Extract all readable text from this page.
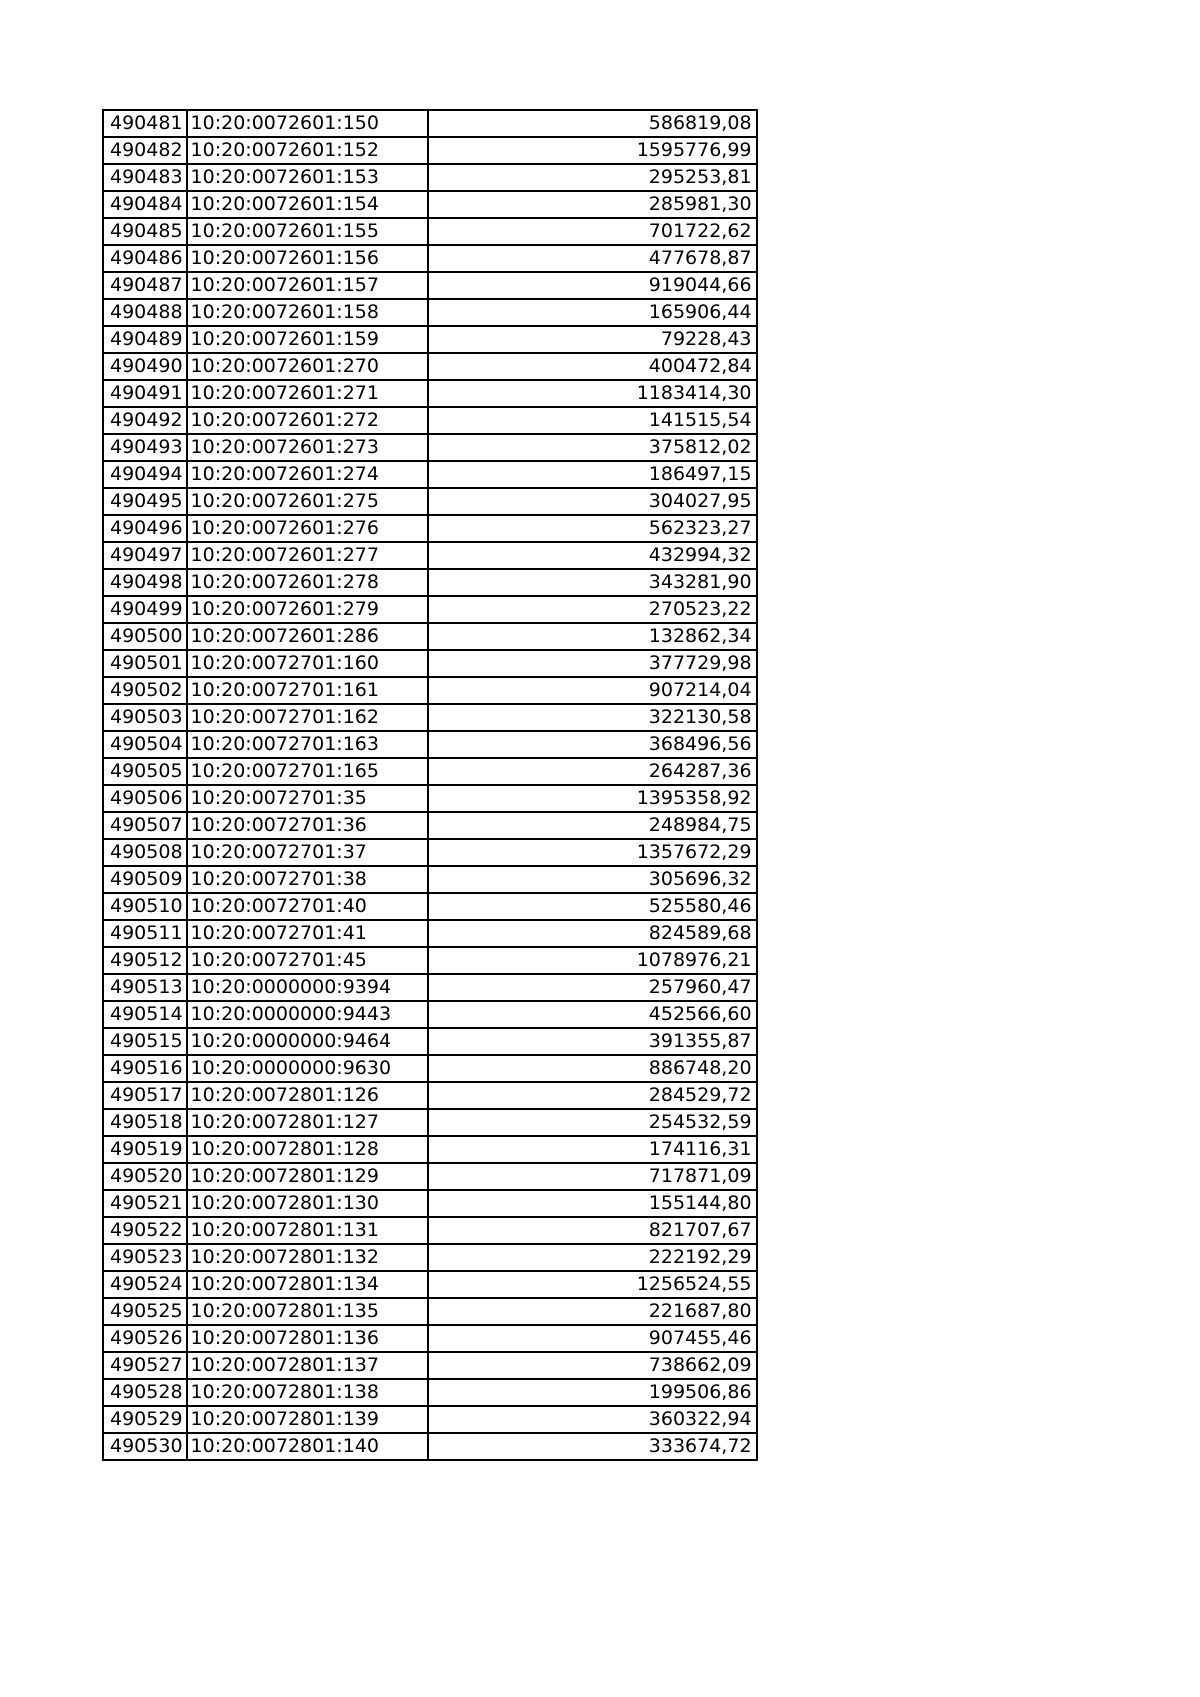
490481	10:20:0072601:150	586819,08
490482	10:20:0072601:152	1595776,99
490483	10:20:0072601:153	295253,81
490484	10:20:0072601:154	285981,30
490485	10:20:0072601:155	701722,62
490486	10:20:0072601:156	477678,87
490487	10:20:0072601:157	919044,66
490488	10:20:0072601:158	165906,44
490489	10:20:0072601:159	79228,43
490490	10:20:0072601:270	400472,84
490491	10:20:0072601:271	1183414,30
490492	10:20:0072601:272	141515,54
490493	10:20:0072601:273	375812,02
490494	10:20:0072601:274	186497,15
490495	10:20:0072601:275	304027,95
490496	10:20:0072601:276	562323,27
490497	10:20:0072601:277	432994,32
490498	10:20:0072601:278	343281,90
490499	10:20:0072601:279	270523,22
490500	10:20:0072601:286	132862,34
490501	10:20:0072701:160	377729,98
490502	10:20:0072701:161	907214,04
490503	10:20:0072701:162	322130,58
490504	10:20:0072701:163	368496,56
490505	10:20:0072701:165	264287,36
490506	10:20:0072701:35	1395358,92
490507	10:20:0072701:36	248984,75
490508	10:20:0072701:37	1357672,29
490509	10:20:0072701:38	305696,32
490510	10:20:0072701:40	525580,46
490511	10:20:0072701:41	824589,68
490512	10:20:0072701:45	1078976,21
490513	10:20:0000000:9394	257960,47
490514	10:20:0000000:9443	452566,60
490515	10:20:0000000:9464	391355,87
490516	10:20:0000000:9630	886748,20
490517	10:20:0072801:126	284529,72
490518	10:20:0072801:127	254532,59
490519	10:20:0072801:128	174116,31
490520	10:20:0072801:129	717871,09
490521	10:20:0072801:130	155144,80
490522	10:20:0072801:131	821707,67
490523	10:20:0072801:132	222192,29
490524	10:20:0072801:134	1256524,55
490525	10:20:0072801:135	221687,80
490526	10:20:0072801:136	907455,46
490527	10:20:0072801:137	738662,09
490528	10:20:0072801:138	199506,86
490529	10:20:0072801:139	360322,94
490530	10:20:0072801:140	333674,72
